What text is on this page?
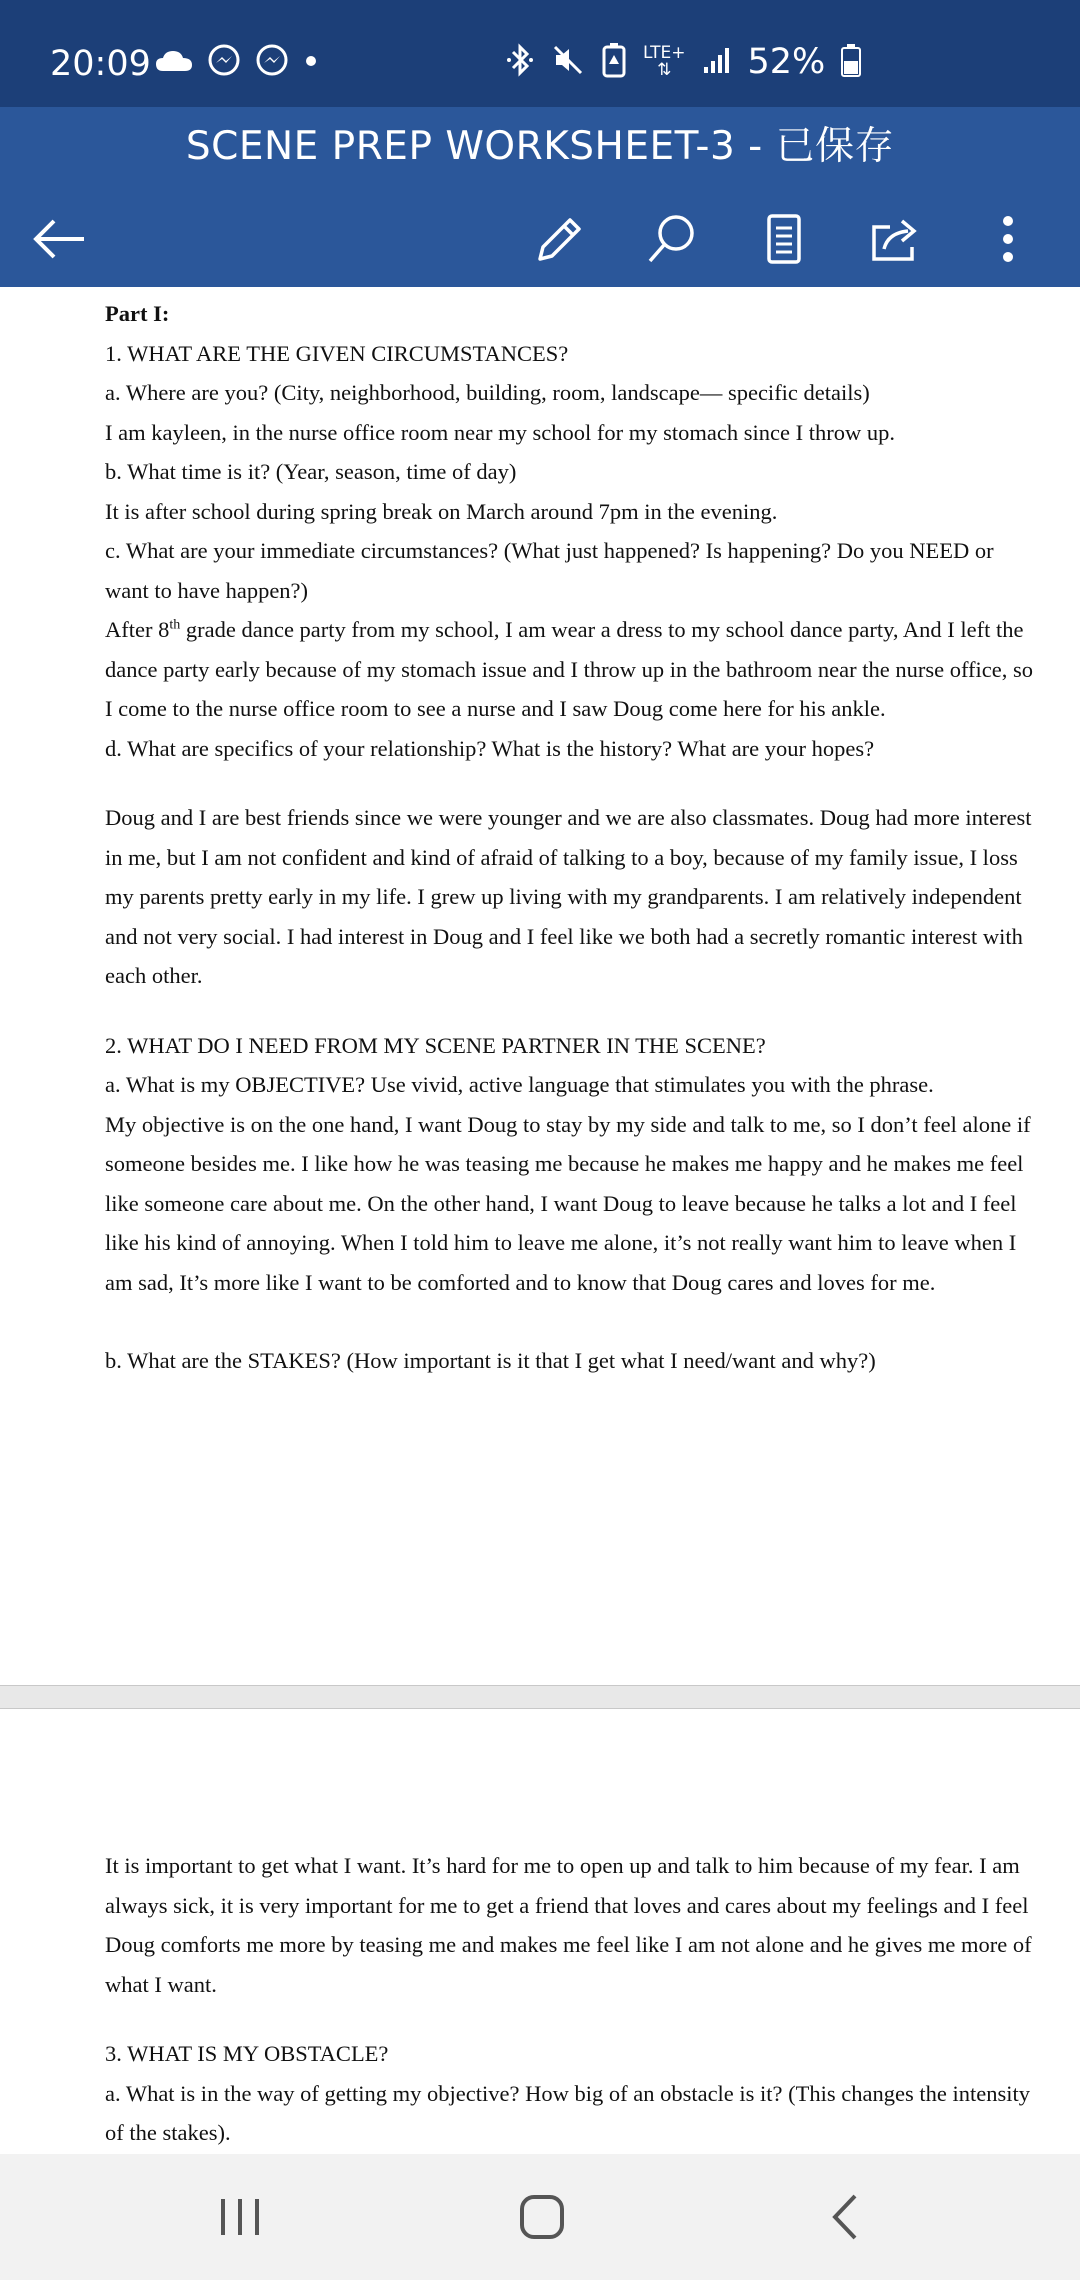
20:09	LTE+
⇅	52%
SCENE PREP WORKSHEET-3 - 已保存

Part I:

1. WHAT ARE THE GIVEN CIRCUMSTANCES?

a. Where are you? (City, neighborhood, building, room, landscape— specific details)

I am kayleen, in the nurse office room near my school for my stomach since I throw up.

b. What time is it? (Year, season, time of day)

It is after school during spring break on March around 7pm in the evening.

c. What are your immediate circumstances? (What just happened? Is happening? Do you NEED or want to have happen?)

After 8th grade dance party from my school, I am wear a dress to my school dance party, And I left the dance party early because of my stomach issue and I throw up in the bathroom near the nurse office, so I come to the nurse office room to see a nurse and I saw Doug come here for his ankle.

d. What are specifics of your relationship? What is the history? What are your hopes?

Doug and I are best friends since we were younger and we are also classmates. Doug had more interest in me, but I am not confident and kind of afraid of talking to a boy, because of my family issue, I loss my parents pretty early in my life. I grew up living with my grandparents. I am relatively independent and not very social. I had interest in Doug and I feel like we both had a secretly romantic interest with each other.

2. WHAT DO I NEED FROM MY SCENE PARTNER IN THE SCENE?

a. What is my OBJECTIVE? Use vivid, active language that stimulates you with the phrase.

My objective is on the one hand, I want Doug to stay by my side and talk to me, so I don’t feel alone if someone besides me. I like how he was teasing me because he makes me happy and he makes me feel like someone care about me. On the other hand, I want Doug to leave because he talks a lot and I feel like his kind of annoying. When I told him to leave me alone, it’s not really want him to leave when I am sad, It’s more like I want to be comforted and to know that Doug cares and loves for me.

b. What are the STAKES? (How important is it that I get what I need/want and why?)

It is important to get what I want. It’s hard for me to open up and talk to him because of my fear. I am always sick, it is very important for me to get a friend that loves and cares about my feelings and I feel Doug comforts me more by teasing me and makes me feel like I am not alone and he gives me more of what I want.

3. WHAT IS MY OBSTACLE?

a. What is in the way of getting my objective? How big of an obstacle is it? (This changes the intensity of the stakes).
